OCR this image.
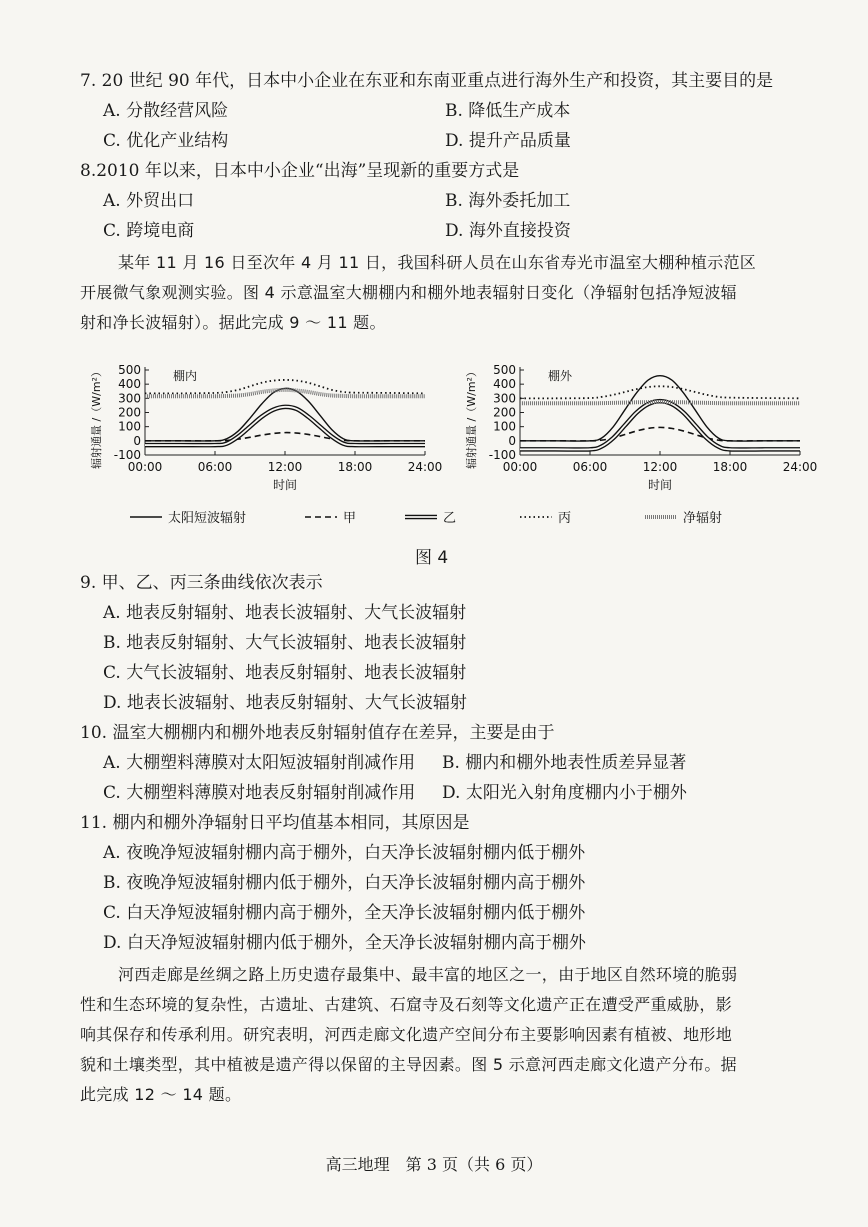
7. 20 世纪 90 年代，日本中小企业在东亚和东南亚重点进行海外生产和投资，其主要目的是
A. 分散经营风险	B. 降低生产成本
C. 优化产业结构	D. 提升产品质量
8.2010 年以来，日本中小企业“出海”呈现新的重要方式是
A. 外贸出口	B. 海外委托加工
C. 跨境电商	D. 海外直接投资
某年 11 月 16 日至次年 4 月 11 日，我国科研人员在山东省寿光市温室大棚种植示范区
开展微气象观测实验。图 4 示意温室大棚棚内和棚外地表辐射日变化（净辐射包括净短波辐
射和净长波辐射）。据此完成 9 ～ 11 题。
500
400
300
200
100
0
-100
00:00	06:00	12:00	18:00	24:00
时间
辐射通量 /（W/m²）	棚内	500
400
300
200
100
0
-100
00:00	06:00	12:00	18:00	24:00
时间
辐射通量 /（W/m²）	棚外
太阳短波辐射	甲	乙	丙	净辐射
图 4
9. 甲、乙、丙三条曲线依次表示
A. 地表反射辐射、地表长波辐射、大气长波辐射
B. 地表反射辐射、大气长波辐射、地表长波辐射
C. 大气长波辐射、地表反射辐射、地表长波辐射
D. 地表长波辐射、地表反射辐射、大气长波辐射
10. 温室大棚棚内和棚外地表反射辐射值存在差异，主要是由于
A. 大棚塑料薄膜对太阳短波辐射削减作用 B. 棚内和棚外地表性质差异显著
C. 大棚塑料薄膜对地表反射辐射削减作用 D. 太阳光入射角度棚内小于棚外
11. 棚内和棚外净辐射日平均值基本相同，其原因是
A. 夜晚净短波辐射棚内高于棚外，白天净长波辐射棚内低于棚外
B. 夜晚净短波辐射棚内低于棚外，白天净长波辐射棚内高于棚外
C. 白天净短波辐射棚内高于棚外，全天净长波辐射棚内低于棚外
D. 白天净短波辐射棚内低于棚外，全天净长波辐射棚内高于棚外
河西走廊是丝绸之路上历史遗存最集中、最丰富的地区之一，由于地区自然环境的脆弱
性和生态环境的复杂性，古遗址、古建筑、石窟寺及石刻等文化遗产正在遭受严重威胁，影
响其保存和传承利用。研究表明，河西走廊文化遗产空间分布主要影响因素有植被、地形地
貌和土壤类型，其中植被是遗产得以保留的主导因素。图 5 示意河西走廊文化遗产分布。据
此完成 12 ～ 14 题。
高三地理　第 3 页（共 6 页）
